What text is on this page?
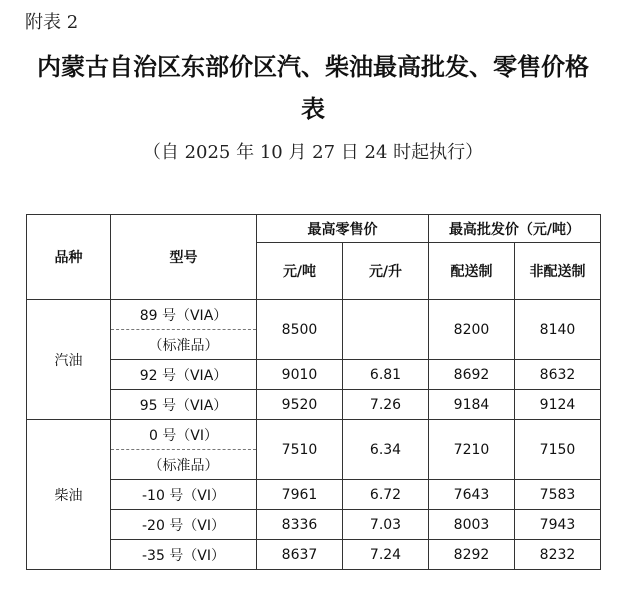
附表 2
内蒙古自治区东部价区汽、柴油最高批发、零售价格
表
（自 2025 年 10 月 27 日 24 时起执行）
品种	型号	最高零售价		最高批发价（元/吨）	
		元/吨	元/升	配送制	非配送制
汽油	89 号（VIA）	8500		8200	8140
	（标准品）				
	92 号（VIA）	9010	6.81	8692	8632
	95 号（VIA）	9520	7.26	9184	9124
柴油	0 号（VI）	7510	6.34	7210	7150
	（标准品）				
	-10 号（VI）	7961	6.72	7643	7583
	-20 号（VI）	8336	7.03	8003	7943
	-35 号（VI）	8637	7.24	8292	8232
